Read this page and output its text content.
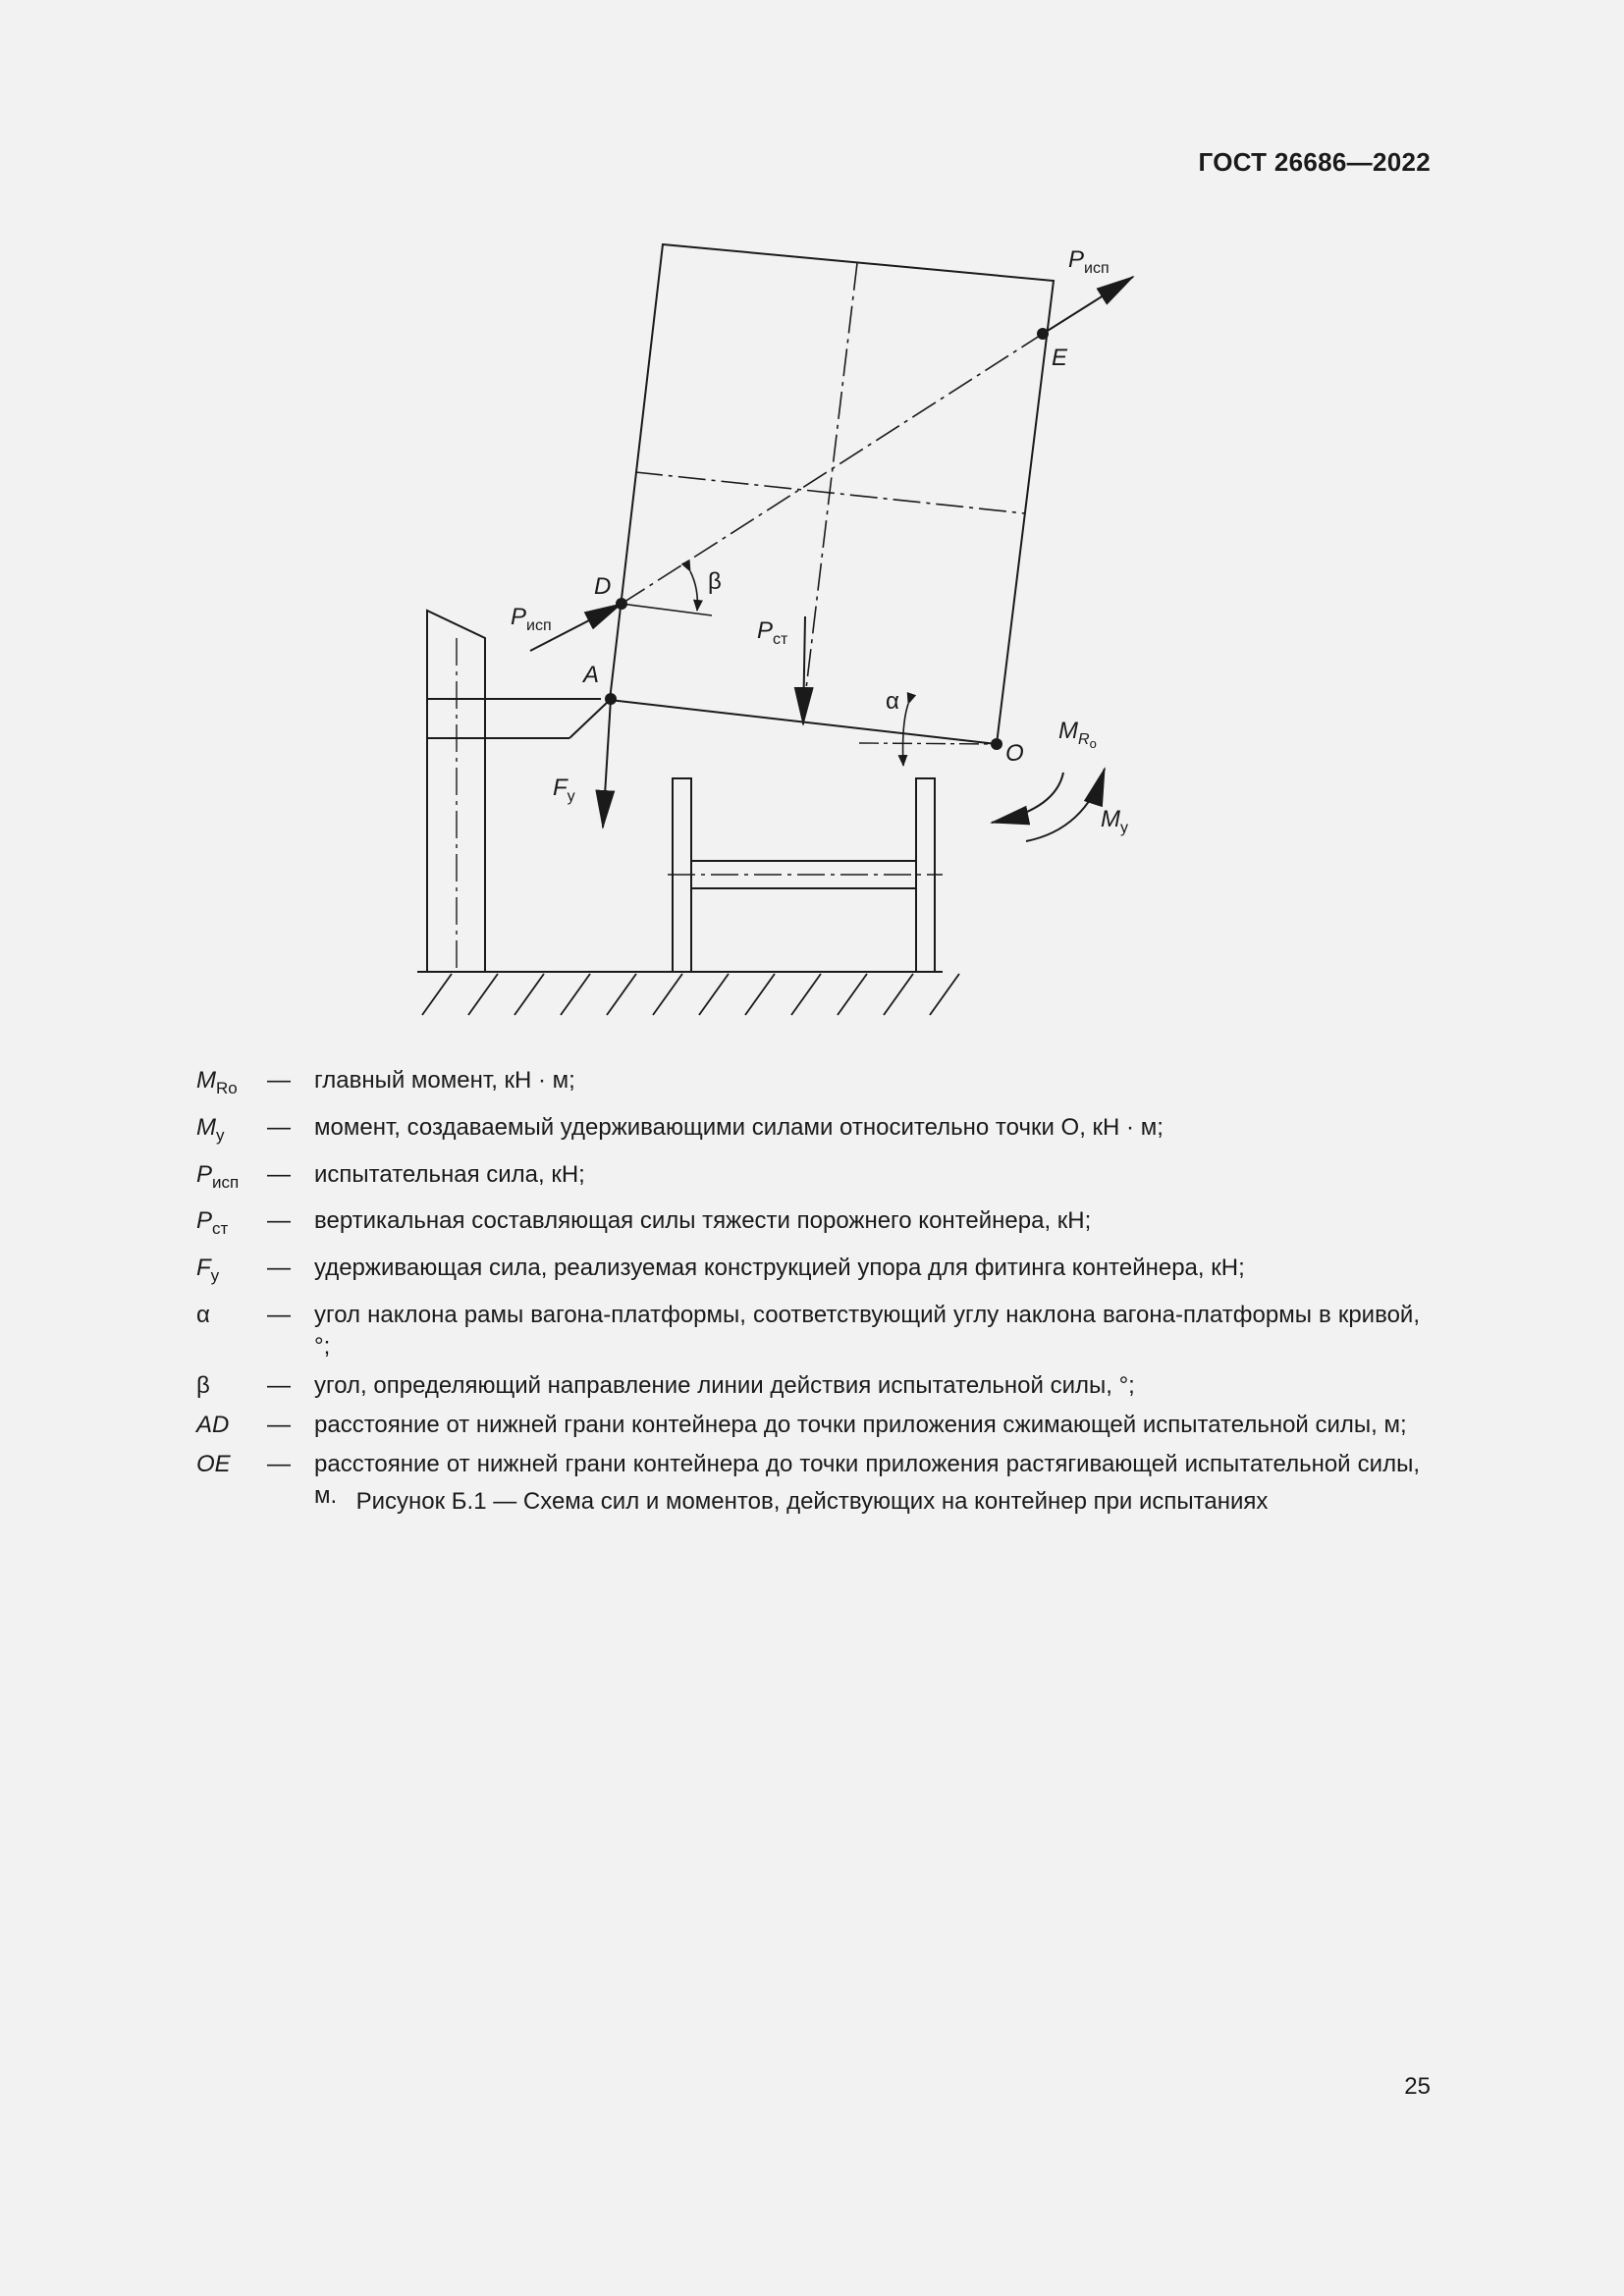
ГОСТ 26686—2022
$P_{исп}$
E
D	β
$P_{исп}$	$P_{ст}$
A
α
O
$M_Ro$
$F_у$
$M_у$
$M_{Ro}$	—	главный момент, кН · м;
$M_у$	—	момент, создаваемый удерживающими силами относительно точки О, кН · м;
$P_{исп}$	—	испытательная сила, кН;
$P_{ст}$	—	вертикальная составляющая силы тяжести порожнего контейнера, кН;
$F_у$	—	удерживающая сила, реализуемая конструкцией упора для фитинга контейнера, кН;
α	—	угол наклона рамы вагона-платформы, соответствующий углу наклона вагона-платформы в кривой, °;
β	—	угол, определяющий направление линии действия испытательной силы, °;
AD	—	расстояние от нижней грани контейнера до точки приложения сжимающей испытательной силы, м;
OE	—	расстояние от нижней грани контейнера до точки приложения растягивающей испытательной силы, м. Рисунок Б.1 — Схема сил и моментов, действующих на контейнер при испытаниях
25
